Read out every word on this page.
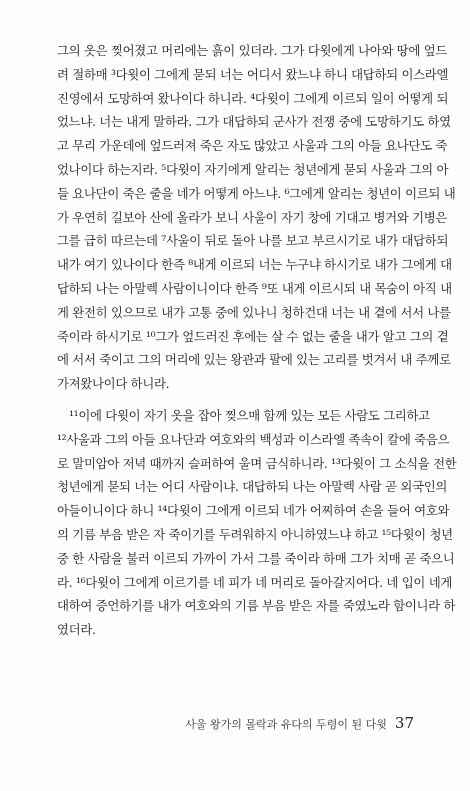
그의 옷은 찢어졌고 머리에는 흙이 있더라. 그가 다윗에게 나아와 땅에 엎드
려 절하매 ³다윗이 그에게 묻되 너는 어디서 왔느냐 하니 대답하되 이스라엘
진영에서 도망하여 왔나이다 하니라. ⁴다윗이 그에게 이르되 일이 어떻게 되
었느냐. 너는 내게 말하라. 그가 대답하되 군사가 전쟁 중에 도망하기도 하였
고 무리 가운데에 엎드러져 죽은 자도 많았고 사울과 그의 아들 요나단도 죽
었나이다 하는지라. ⁵다윗이 자기에게 알리는 청년에게 묻되 사울과 그의 아
들 요나단이 죽은 줄을 네가 어떻게 아느냐. ⁶그에게 알리는 청년이 이르되 내
가 우연히 길보아 산에 올라가 보니 사울이 자기 창에 기대고 병거와 기병은
그를 급히 따르는데 ⁷사울이 뒤로 돌아 나를 보고 부르시기로 내가 대답하되
내가 여기 있나이다 한즉 ⁸내게 이르되 너는 누구냐 하시기로 내가 그에게 대
답하되 나는 아말렉 사람이니이다 한즉 ⁹또 내게 이르시되 내 목숨이 아직 내
게 완전히 있으므로 내가 고통 중에 있나니 청하건대 너는 내 곁에 서서 나를
죽이라 하시기로 ¹⁰그가 엎드러진 후에는 살 수 없는 줄을 내가 알고 그의 곁
에 서서 죽이고 그의 머리에 있는 왕관과 팔에 있는 고리를 벗겨서 내 주께로
가져왔나이다 하니라.
¹¹이에 다윗이 자기 옷을 잡아 찢으매 함께 있는 모든 사람도 그리하고
¹²사울과 그의 아들 요나단과 여호와의 백성과 이스라엘 족속이 칼에 죽음으
로 말미암아 저녁 때까지 슬퍼하여 울며 금식하니라. ¹³다윗이 그 소식을 전한
청년에게 묻되 너는 어디 사람이냐. 대답하되 나는 아말렉 사람 곧 외국인의
아들이니이다 하니 ¹⁴다윗이 그에게 이르되 네가 어찌하여 손을 들어 여호와
의 기름 부음 받은 자 죽이기를 두려워하지 아니하였느냐 하고 ¹⁵다윗이 청년
중 한 사람을 불러 이르되 가까이 가서 그를 죽이라 하매 그가 치매 곧 죽으니
라. ¹⁶다윗이 그에게 이르기를 네 피가 네 머리로 돌아갈지어다. 네 입이 네게
대하여 증언하기를 내가 여호와의 기름 부음 받은 자를 죽였노라 함이니라 하
였더라.
사울 왕가의 몰락과 유다의 두령이 된 다윗 37
